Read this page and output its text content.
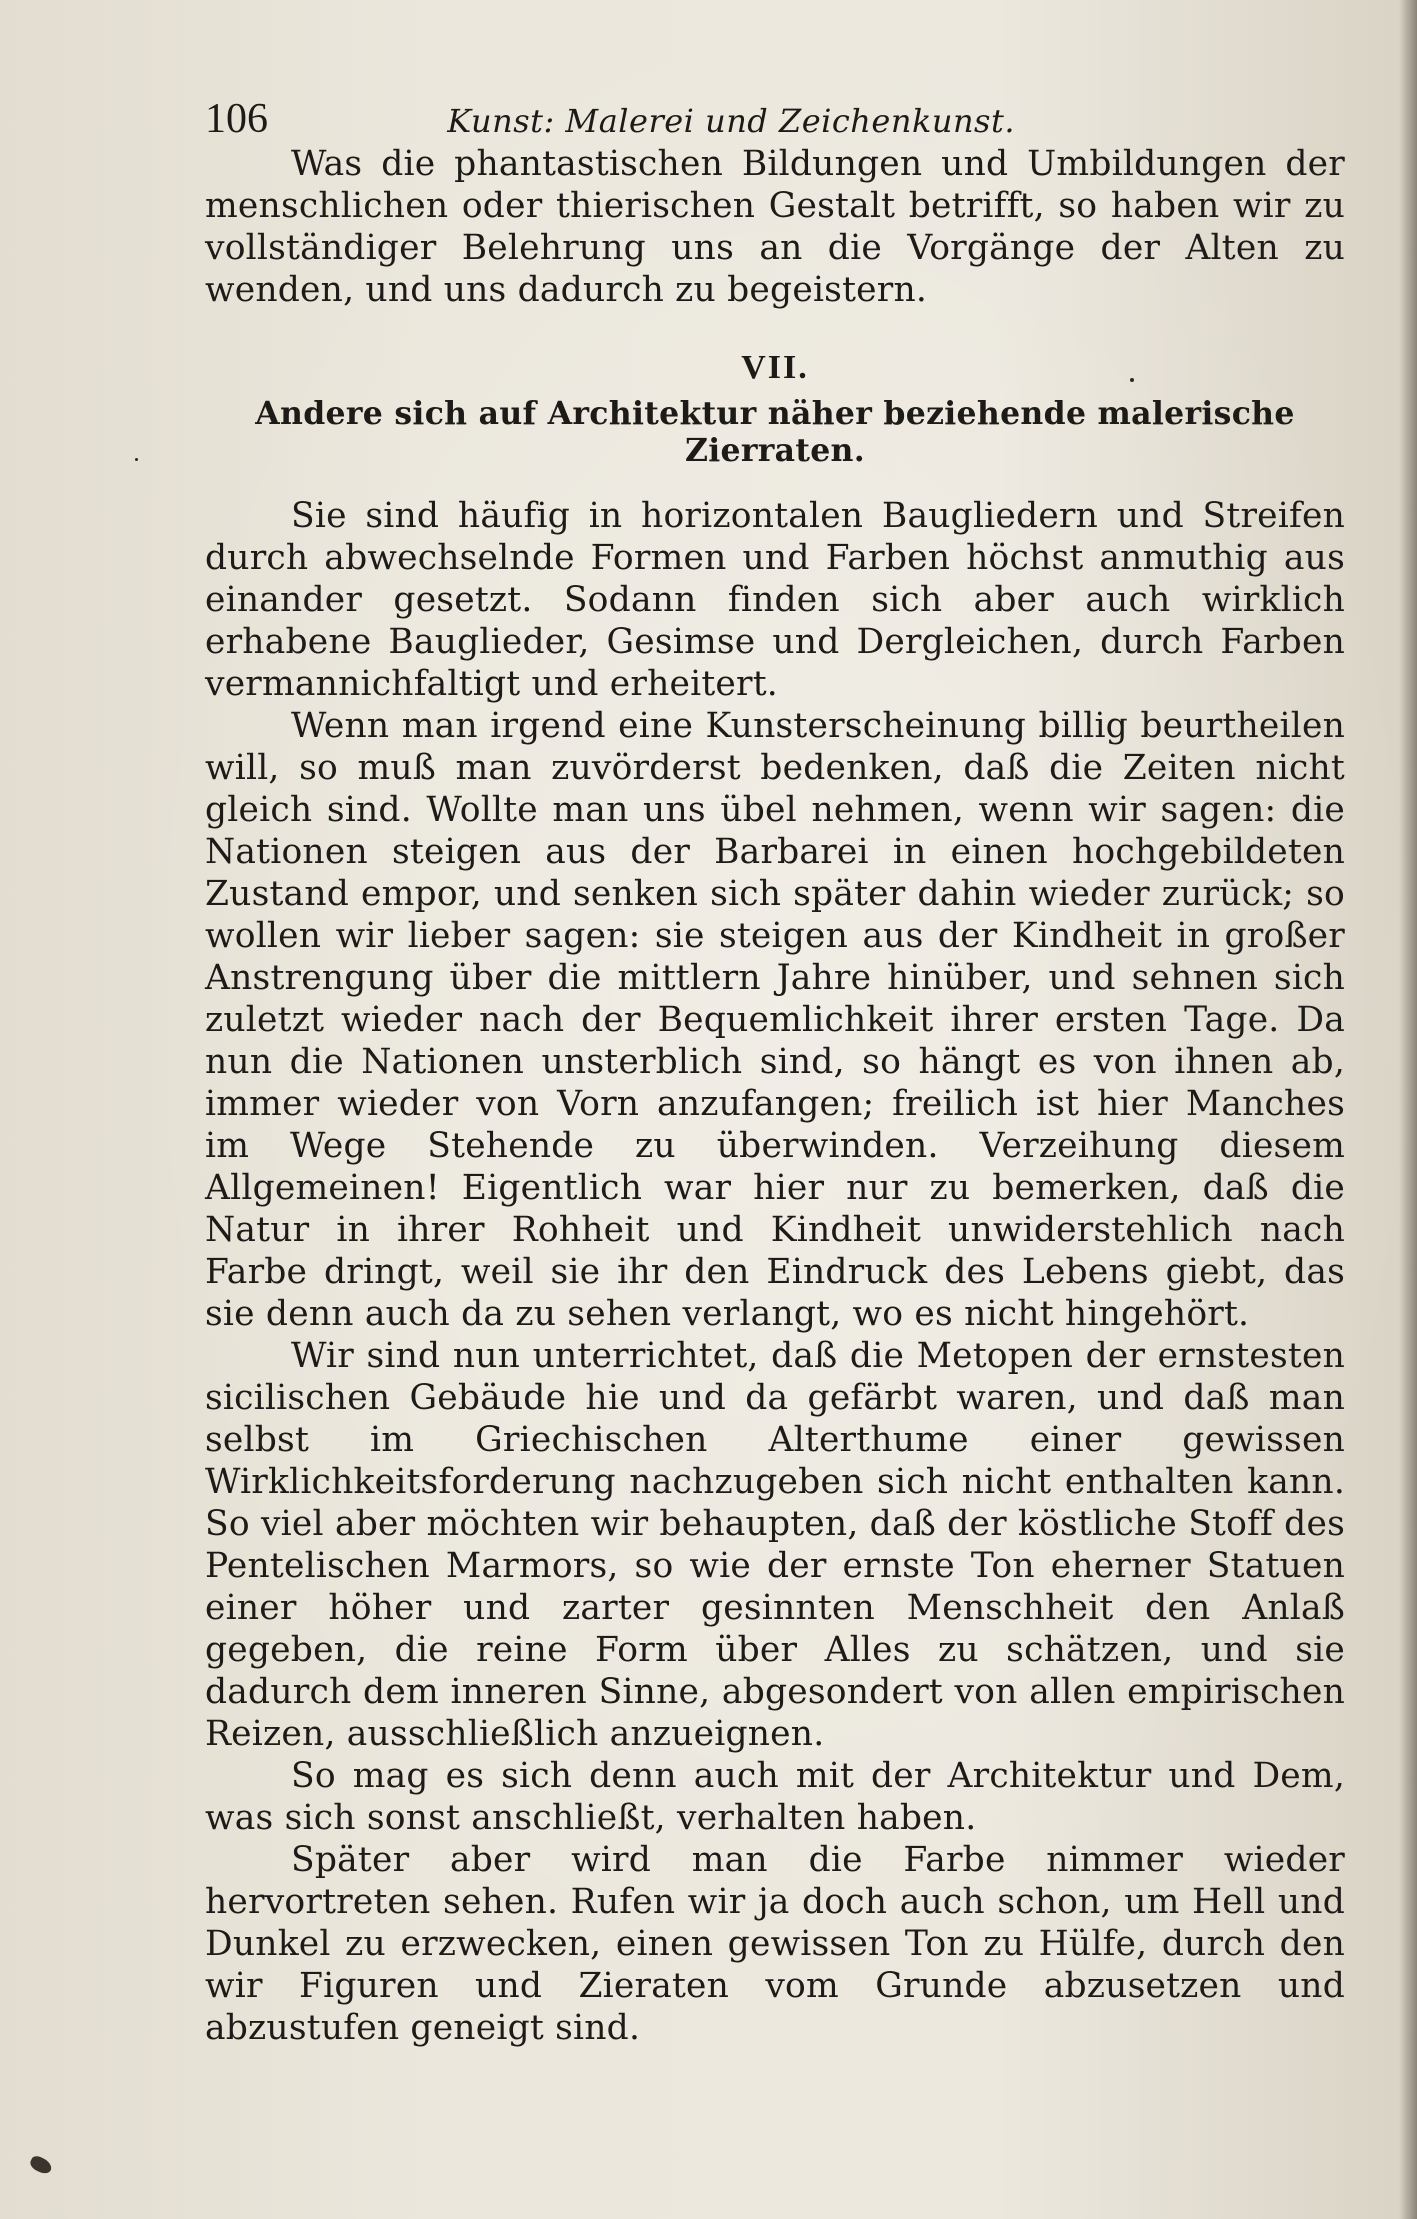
106	Kunst: Malerei und Zeichenkunst.

Was die phantastischen Bildungen und Umbildungen der menschlichen oder thierischen Gestalt betrifft, so haben wir zu vollständiger Belehrung uns an die Vorgänge der Alten zu wenden, und uns dadurch zu begeistern.

VII.
Andere sich auf Architektur näher beziehende malerische Zierraten.

Sie sind häufig in horizontalen Baugliedern und Streifen durch abwechselnde Formen und Farben höchst anmuthig aus einander gesetzt. Sodann finden sich aber auch wirklich erhabene Bauglieder, Gesimse und Dergleichen, durch Farben vermannichfaltigt und erheitert.

Wenn man irgend eine Kunsterscheinung billig beurtheilen will, so muß man zuvörderst bedenken, daß die Zeiten nicht gleich sind. Wollte man uns übel nehmen, wenn wir sagen: die Nationen steigen aus der Barbarei in einen hochgebildeten Zustand empor, und senken sich später dahin wieder zurück; so wollen wir lieber sagen: sie steigen aus der Kindheit in großer Anstrengung über die mittlern Jahre hinüber, und sehnen sich zuletzt wieder nach der Bequemlichkeit ihrer ersten Tage. Da nun die Nationen unsterblich sind, so hängt es von ihnen ab, immer wieder von Vorn anzufangen; freilich ist hier Manches im Wege Stehende zu überwinden. Verzeihung diesem Allgemeinen! Eigentlich war hier nur zu bemerken, daß die Natur in ihrer Rohheit und Kindheit unwiderstehlich nach Farbe dringt, weil sie ihr den Eindruck des Lebens giebt, das sie denn auch da zu sehen verlangt, wo es nicht hingehört.

Wir sind nun unterrichtet, daß die Metopen der ernstesten sicilischen Gebäude hie und da gefärbt waren, und daß man selbst im Griechischen Alterthume einer gewissen Wirklichkeitsforderung nachzugeben sich nicht enthalten kann. So viel aber möchten wir behaupten, daß der köstliche Stoff des Pentelischen Marmors, so wie der ernste Ton eherner Statuen einer höher und zarter gesinnten Menschheit den Anlaß gegeben, die reine Form über Alles zu schätzen, und sie dadurch dem inneren Sinne, abgesondert von allen empirischen Reizen, ausschließlich anzueignen.

So mag es sich denn auch mit der Architektur und Dem, was sich sonst anschließt, verhalten haben.

Später aber wird man die Farbe nimmer wieder hervortreten sehen. Rufen wir ja doch auch schon, um Hell und Dunkel zu erzwecken, einen gewissen Ton zu Hülfe, durch den wir Figuren und Zieraten vom Grunde abzusetzen und abzustufen geneigt sind.
